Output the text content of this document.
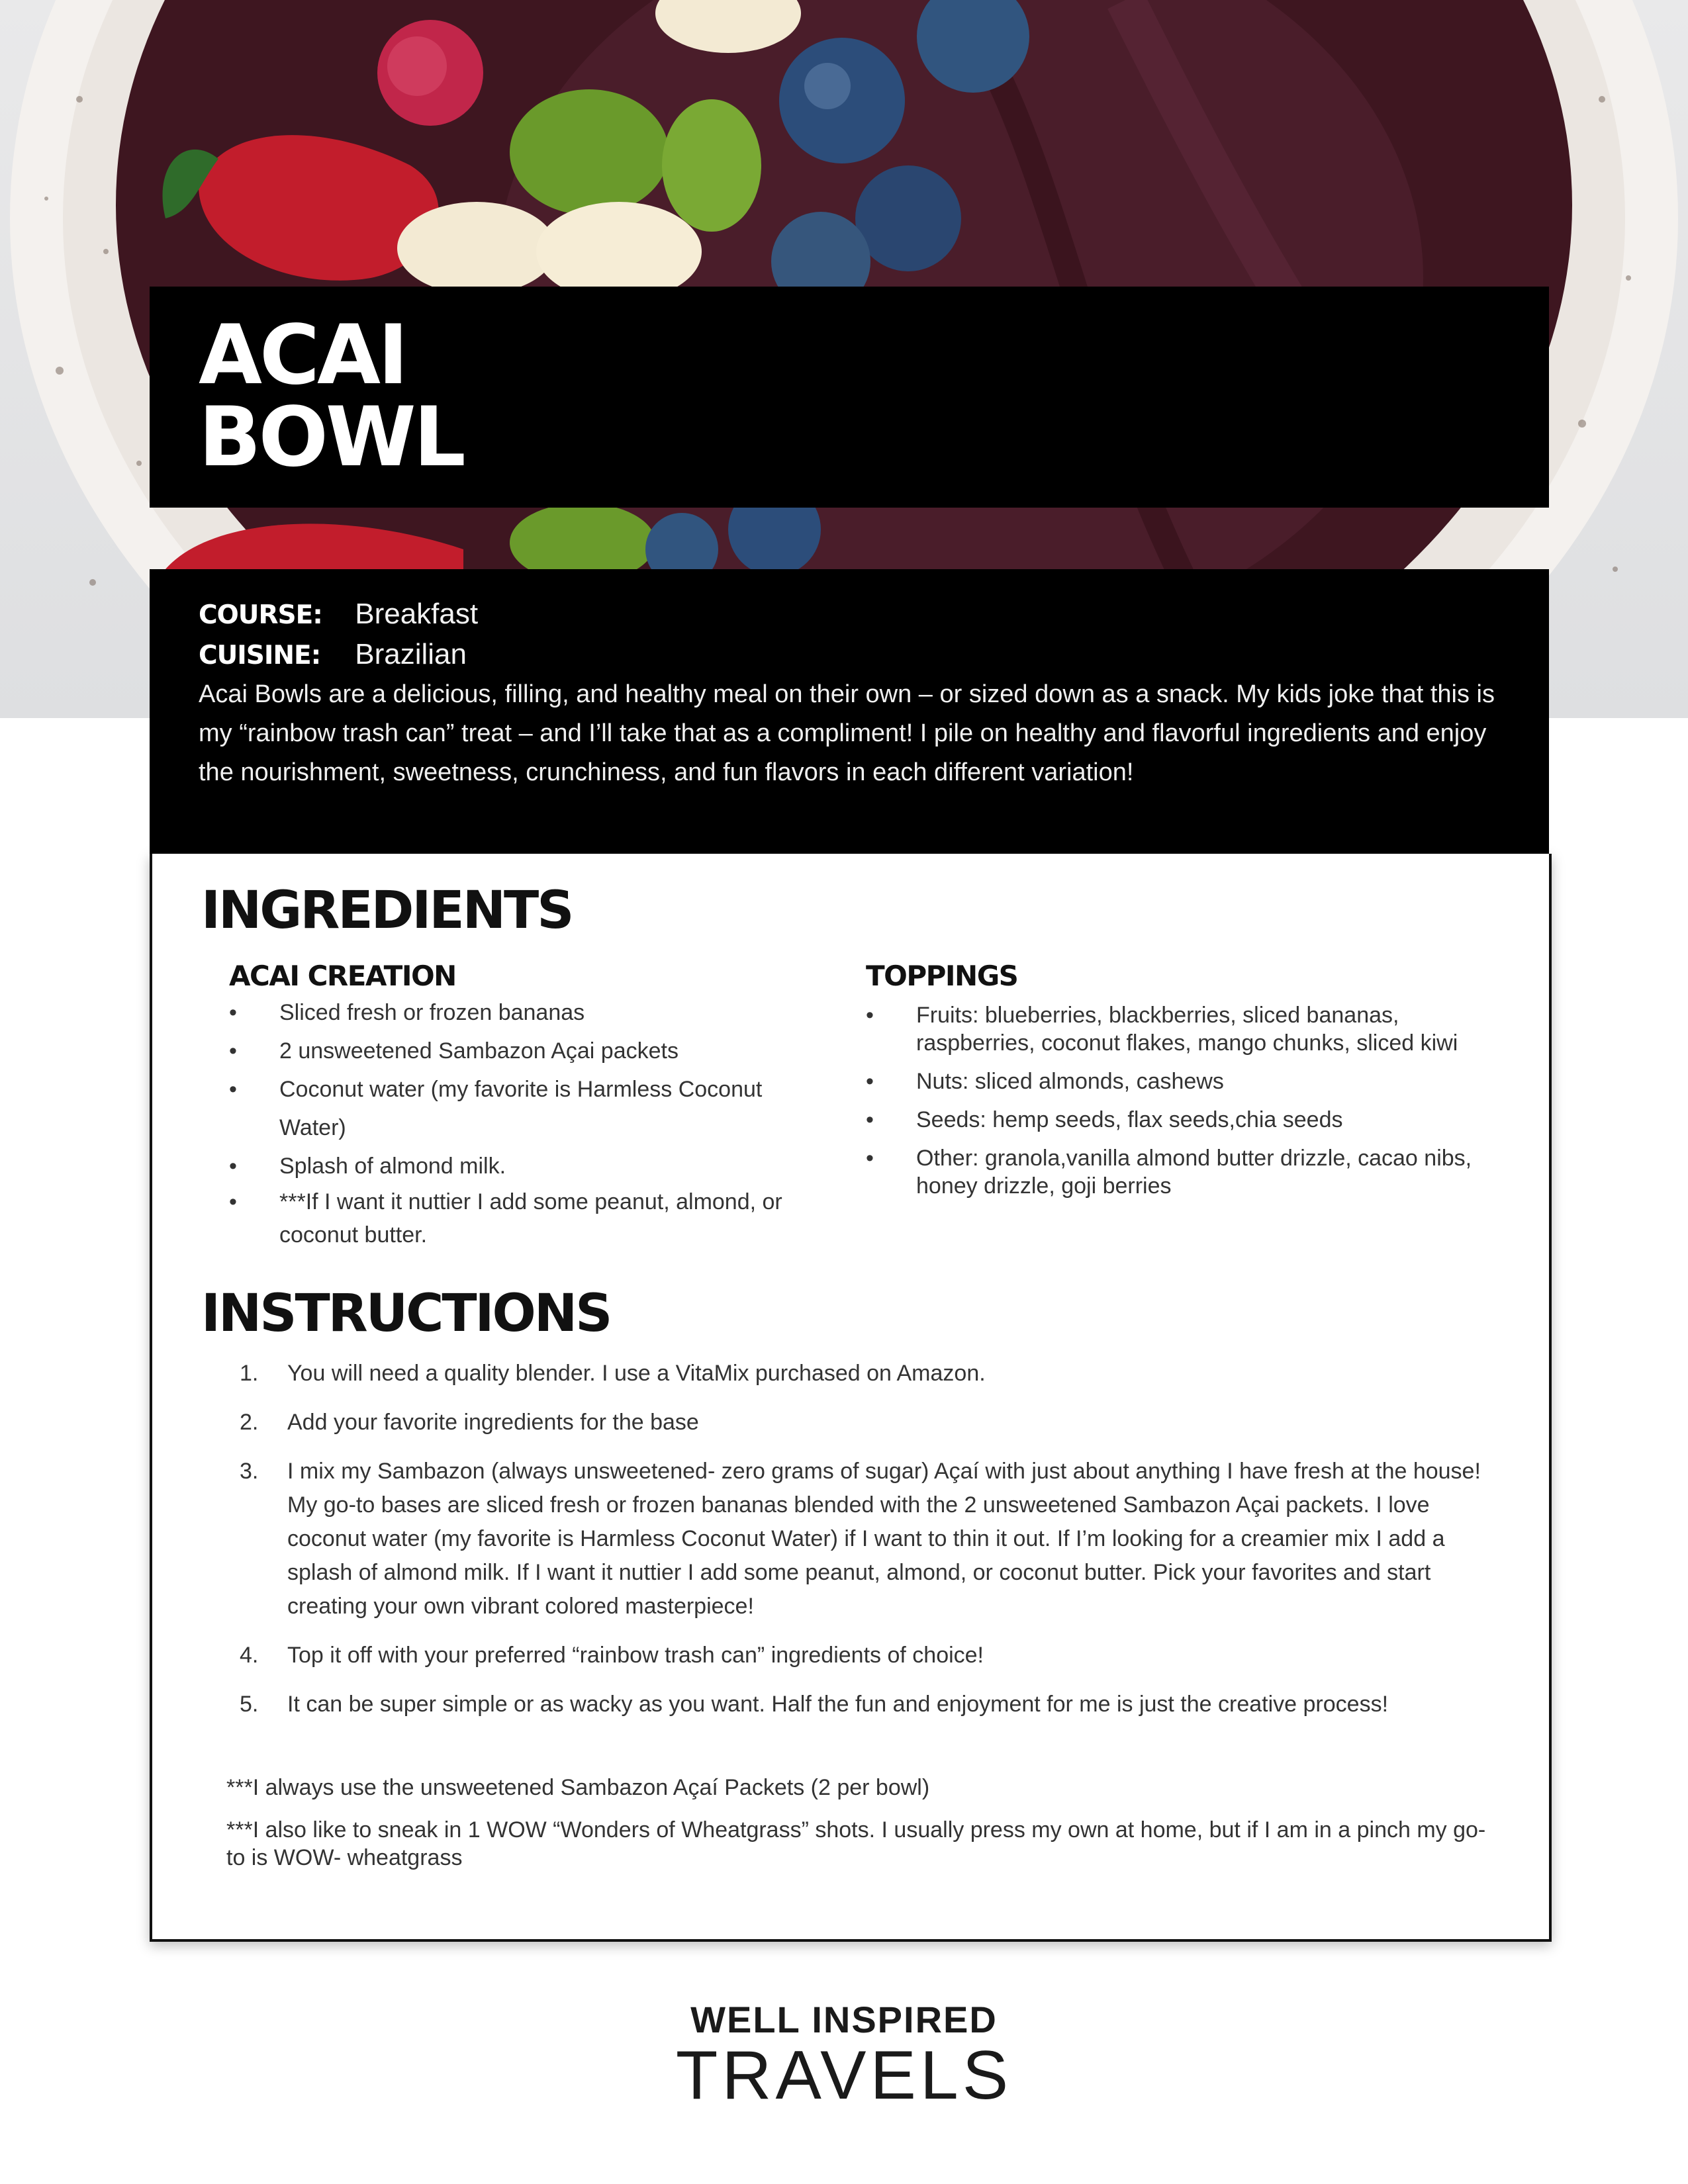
ACAI
BOWL
COURSE: Breakfast
CUISINE: Brazilian

Acai Bowls are a delicious, filling, and healthy meal on their own – or sized down as a snack. My kids joke that this is my “rainbow trash can” treat – and I’ll take that as a compliment! I pile on healthy and flavorful ingredients and enjoy the nourishment, sweetness, crunchiness, and fun flavors in each different variation!

INGREDIENTS
ACAI CREATION
• Sliced fresh or frozen bananas
• 2 unsweetened Sambazon Açai packets
• Coconut water (my favorite is Harmless Coconut Water)
• Splash of almond milk.
• ***If I want it nuttier I add some peanut, almond, or coconut butter.
TOPPINGS
• Fruits: blueberries, blackberries, sliced bananas, raspberries, coconut flakes, mango chunks, sliced kiwi
• Nuts: sliced almonds, cashews
• Seeds: hemp seeds, flax seeds,chia seeds
• Other: granola,vanilla almond butter drizzle, cacao nibs, honey drizzle, goji berries
INSTRUCTIONS
1. You will need a quality blender. I use a VitaMix purchased on Amazon.
2. Add your favorite ingredients for the base
3. I mix my Sambazon (always unsweetened- zero grams of sugar) Açaí with just about anything I have fresh at the house! My go-to bases are sliced fresh or frozen bananas blended with the 2 unsweetened Sambazon Açai packets. I love coconut water (my favorite is Harmless Coconut Water) if I want to thin it out. If I’m looking for a creamier mix I add a splash of almond milk. If I want it nuttier I add some peanut, almond, or coconut butter. Pick your favorites and start creating your own vibrant colored masterpiece!
4. Top it off with your preferred “rainbow trash can” ingredients of choice!
5. It can be super simple or as wacky as you want. Half the fun and enjoyment for me is just the creative process!

***I always use the unsweetened Sambazon Açaí Packets (2 per bowl)

***I also like to sneak in 1 WOW “Wonders of Wheatgrass” shots. I usually press my own at home, but if I am in a pinch my go-to is WOW- wheatgrass

WELL INSPIRED
TRAVELS
